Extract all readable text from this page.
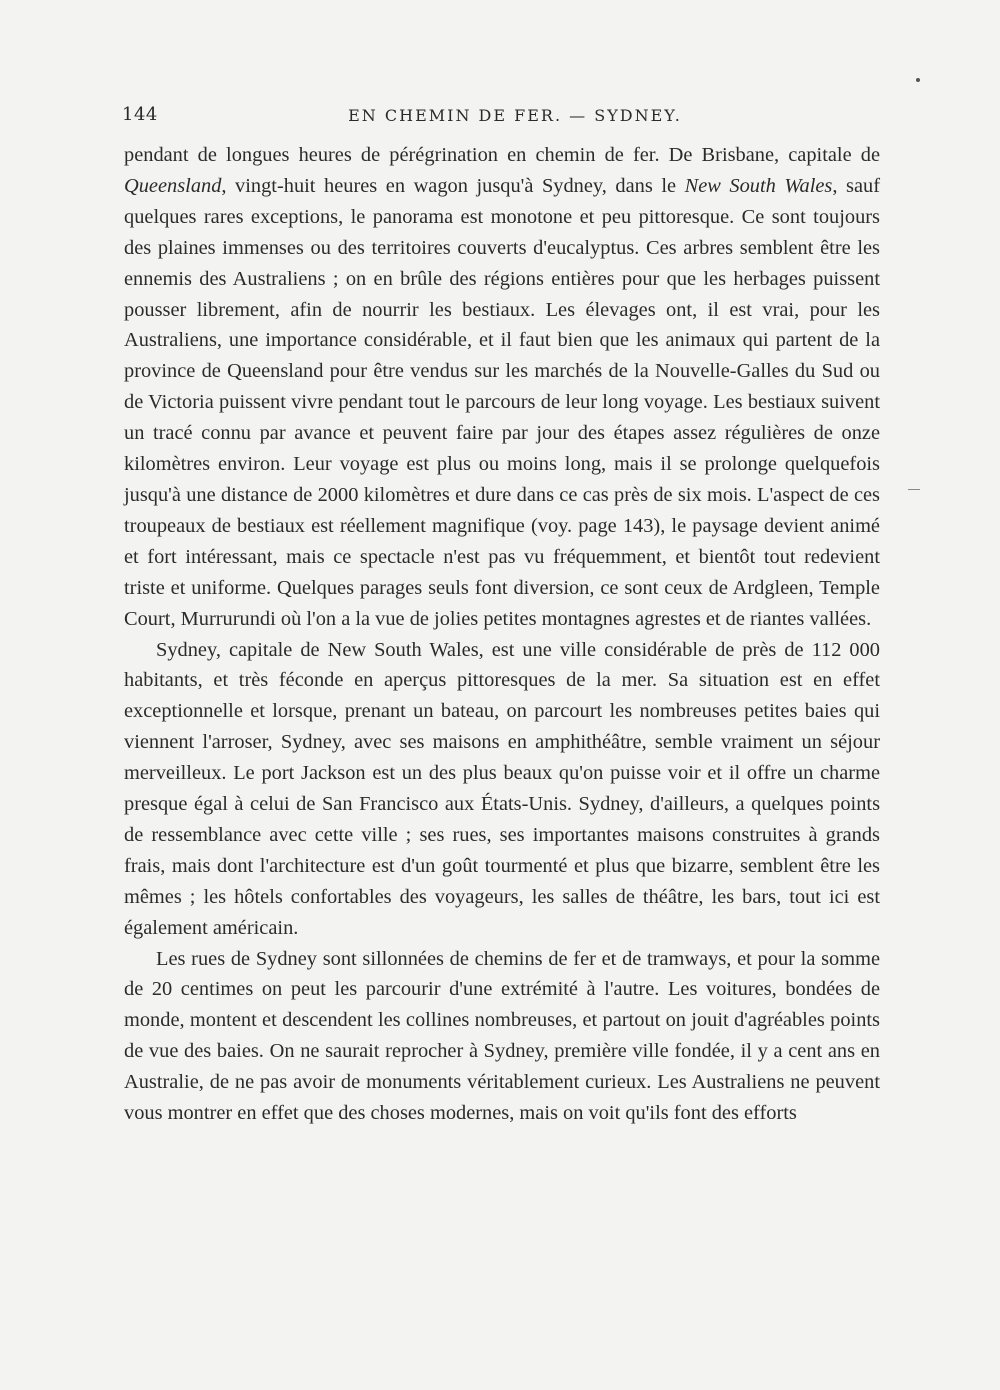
144	EN CHEMIN DE FER. — SYDNEY.

pendant de longues heures de pérégrination en chemin de fer. De Brisbane, capitale de Queensland, vingt-huit heures en wagon jusqu'à Sydney, dans le New South Wales, sauf quelques rares exceptions, le panorama est monotone et peu pittoresque. Ce sont toujours des plaines immenses ou des territoires couverts d'eucalyptus. Ces arbres semblent être les ennemis des Australiens ; on en brûle des régions entières pour que les herbages puissent pousser librement, afin de nourrir les bestiaux. Les élevages ont, il est vrai, pour les Australiens, une importance considérable, et il faut bien que les animaux qui partent de la province de Queensland pour être vendus sur les marchés de la Nouvelle-Galles du Sud ou de Victoria puissent vivre pendant tout le parcours de leur long voyage. Les bestiaux suivent un tracé connu par avance et peuvent faire par jour des étapes assez régulières de onze kilomètres environ. Leur voyage est plus ou moins long, mais il se prolonge quelquefois jusqu'à une distance de 2000 kilomètres et dure dans ce cas près de six mois. L'aspect de ces troupeaux de bestiaux est réellement magnifique (voy. page 143), le paysage devient animé et fort intéressant, mais ce spectacle n'est pas vu fréquemment, et bientôt tout redevient triste et uniforme. Quelques parages seuls font diversion, ce sont ceux de Ardgleen, Temple Court, Murrurundi où l'on a la vue de jolies petites montagnes agrestes et de riantes vallées.

Sydney, capitale de New South Wales, est une ville considérable de près de 112 000 habitants, et très féconde en aperçus pittoresques de la mer. Sa situation est en effet exceptionnelle et lorsque, prenant un bateau, on parcourt les nombreuses petites baies qui viennent l'arroser, Sydney, avec ses maisons en amphithéâtre, semble vraiment un séjour merveilleux. Le port Jackson est un des plus beaux qu'on puisse voir et il offre un charme presque égal à celui de San Francisco aux États-Unis. Sydney, d'ailleurs, a quelques points de ressemblance avec cette ville ; ses rues, ses importantes maisons construites à grands frais, mais dont l'architecture est d'un goût tourmenté et plus que bizarre, semblent être les mêmes ; les hôtels confortables des voyageurs, les salles de théâtre, les bars, tout ici est également américain.

Les rues de Sydney sont sillonnées de chemins de fer et de tramways, et pour la somme de 20 centimes on peut les parcourir d'une extrémité à l'autre. Les voitures, bondées de monde, montent et descendent les collines nombreuses, et partout on jouit d'agréables points de vue des baies. On ne saurait reprocher à Sydney, première ville fondée, il y a cent ans en Australie, de ne pas avoir de monuments véritablement curieux. Les Australiens ne peuvent vous montrer en effet que des choses modernes, mais on voit qu'ils font des efforts
